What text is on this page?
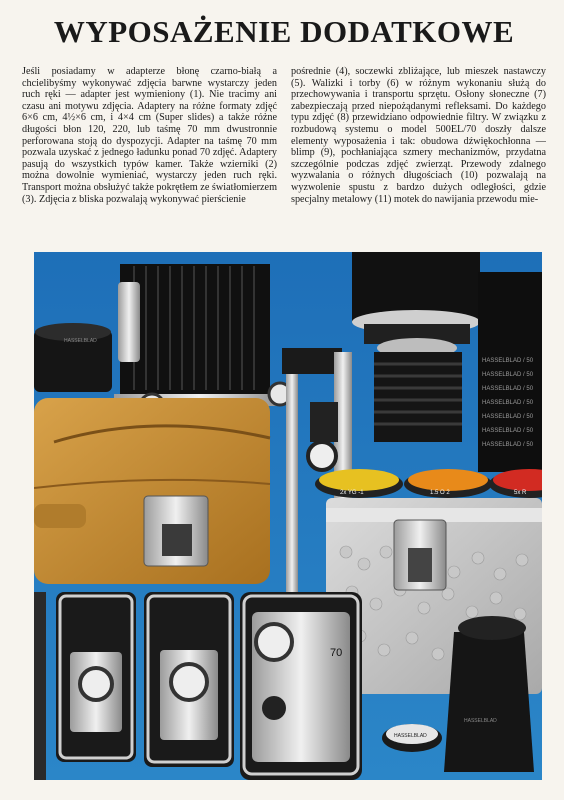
WYPOSAŻENIE DODATKOWE

Jeśli posiadamy w adapterze błonę czarno-białą a chcielibyśmy wykonywać zdjęcia barwne wystarczy jeden ruch ręki — adapter jest wymieniony (1). Nie tracimy ani czasu ani motywu zdjęcia. Adaptery na różne formaty zdjęć 6×6 cm, 4½×6 cm, i 4×4 cm (Super slides) a także różne długości błon 120, 220, lub taśmę 70 mm dwustronnie perforowana stoją do dyspozycji. Adapter na taśmę 70 mm pozwala uzyskać z jednego ładunku ponad 70 zdjęć. Adaptery pasują do wszystkich typów kamer. Także wzierniki (2) można dowolnie wymieniać, wystarczy jeden ruch ręki. Transport można obsłużyć także pokrętłem ze światłomierzem (3). Zdjęcia z bliska pozwalają wykonywać pierścienie

pośrednie (4), soczewki zbliżające, lub mieszek nastawczy (5). Walizki i torby (6) w różnym wykonaniu służą do przechowywania i transportu sprzętu. Osłony słoneczne (7) zabezpieczają przed niepożądanymi refleksami. Do każdego typu zdjęć (8) przewidziano odpowiednie filtry. W związku z rozbudową systemu o model 500EL/70 doszły dalsze elementy wyposażenia i tak: obudowa dźwiękochłonna — blimp (9), pochłaniająca szmery mechanizmów, przydatna szczególnie podczas zdjęć zwierząt. Przewody zdalnego wyzwalania o różnych długościach (10) pozwalają na wyzwolenie spustu z bardzo dużych odległości, gdzie specjalny metalowy (11) motek do nawijania przewodu mie-

HASSELBLAD
HASSELBLAD / 50
HASSELBLAD / 50
HASSELBLAD / 50
HASSELBLAD / 50
HASSELBLAD / 50
HASSELBLAD / 50
HASSELBLAD / 50
2x YG -1	1.5 O 2	5x R
70
HASSELBLAD
HASSELBLAD
